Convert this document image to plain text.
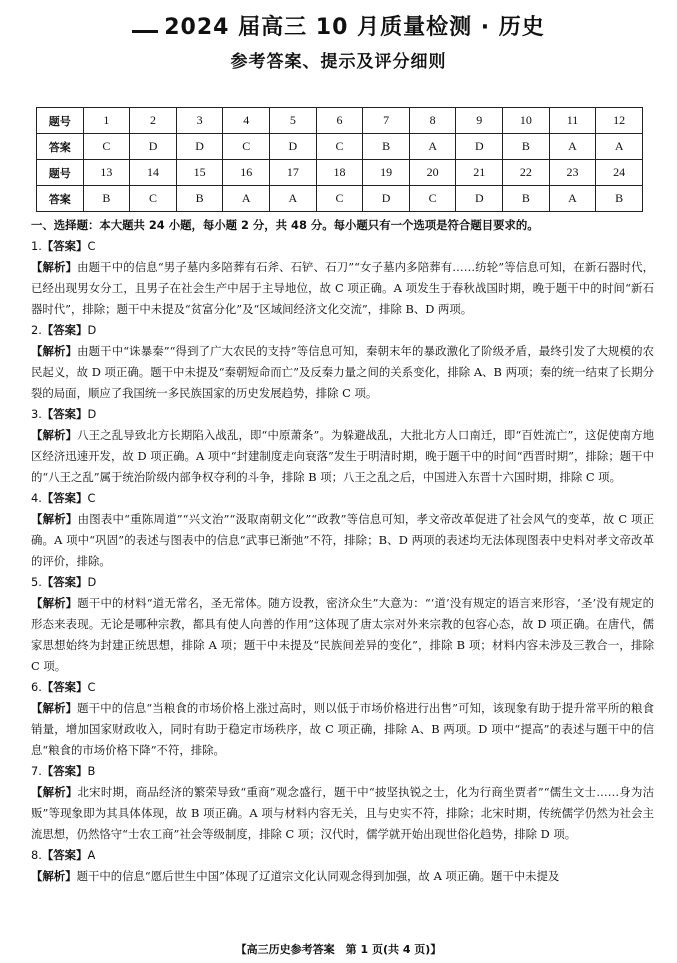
2024 届高三 10 月质量检测 · 历史
参考答案、提示及评分细则
题号	1	2	3	4	5	6	7	8	9	10	11	12
答案	C	D	D	C	D	C	B	A	D	B	A	A
题号	13	14	15	16	17	18	19	20	21	22	23	24
答案	B	C	B	A	A	C	D	C	D	B	A	B

一、选择题：本大题共 24 小题，每小题 2 分，共 48 分。每小题只有一个选项是符合题目要求的。

1.【答案】C

【解析】由题干中的信息“男子墓内多陪葬有石斧、石铲、石刀”“女子墓内多陪葬有……纺轮”等信息可知，在新石器时代，已经出现男女分工，且男子在社会生产中居于主导地位，故 C 项正确。A 项发生于春秋战国时期，晚于题干中的时间“新石器时代”，排除；题干中未提及“贫富分化”及“区域间经济文化交流”，排除 B、D 两项。

2.【答案】D

【解析】由题干中“诛暴秦”“得到了广大农民的支持”等信息可知，秦朝末年的暴政激化了阶级矛盾，最终引发了大规模的农民起义，故 D 项正确。题干中未提及“秦朝短命而亡”及反秦力量之间的关系变化，排除 A、B 两项；秦的统一结束了长期分裂的局面，顺应了我国统一多民族国家的历史发展趋势，排除 C 项。

3.【答案】D

【解析】八王之乱导致北方长期陷入战乱，即“中原萧条”。为躲避战乱，大批北方人口南迁，即“百姓流亡”，这促使南方地区经济迅速开发，故 D 项正确。A 项中“封建制度走向衰落”发生于明清时期，晚于题干中的时间“西晋时期”，排除；题干中的“八王之乱”属于统治阶级内部争权夺利的斗争，排除 B 项；八王之乱之后，中国进入东晋十六国时期，排除 C 项。

4.【答案】C

【解析】由图表中“重陈周道”“兴文治”“汲取南朝文化”“政教”等信息可知，孝文帝改革促进了社会风气的变革，故 C 项正确。A 项中“巩固”的表述与图表中的信息“武事已渐弛”不符，排除；B、D 两项的表述均无法体现图表中史料对孝文帝改革的评价，排除。

5.【答案】D

【解析】题干中的材料“道无常名，圣无常体。随方设教，密济众生”大意为：“‘道’没有规定的语言来形容，‘圣’没有规定的形态来表现。无论是哪种宗教，都具有使人向善的作用”这体现了唐太宗对外来宗教的包容心态，故 D 项正确。在唐代，儒家思想始终为封建正统思想，排除 A 项；题干中未提及“民族间差异的变化”，排除 B 项；材料内容未涉及三教合一，排除 C 项。

6.【答案】C

【解析】题干中的信息“当粮食的市场价格上涨过高时，则以低于市场价格进行出售”可知，该现象有助于提升常平所的粮食销量，增加国家财政收入，同时有助于稳定市场秩序，故 C 项正确，排除 A、B 两项。D 项中“提高”的表述与题干中的信息“粮食的市场价格下降”不符，排除。

7.【答案】B

【解析】北宋时期，商品经济的繁荣导致“重商”观念盛行，题干中“披坚执锐之士，化为行商坐贾者”“儒生文士……身为沽贩”等现象即为其具体体现，故 B 项正确。A 项与材料内容无关，且与史实不符，排除；北宋时期，传统儒学仍然为社会主流思想，仍然恪守“士农工商”社会等级制度，排除 C 项；汉代时，儒学就开始出现世俗化趋势，排除 D 项。

8.【答案】A

【解析】题干中的信息“愿后世生中国”体现了辽道宗文化认同观念得到加强，故 A 项正确。题干中未提及

【高三历史参考答案　第 1 页(共 4 页)】
